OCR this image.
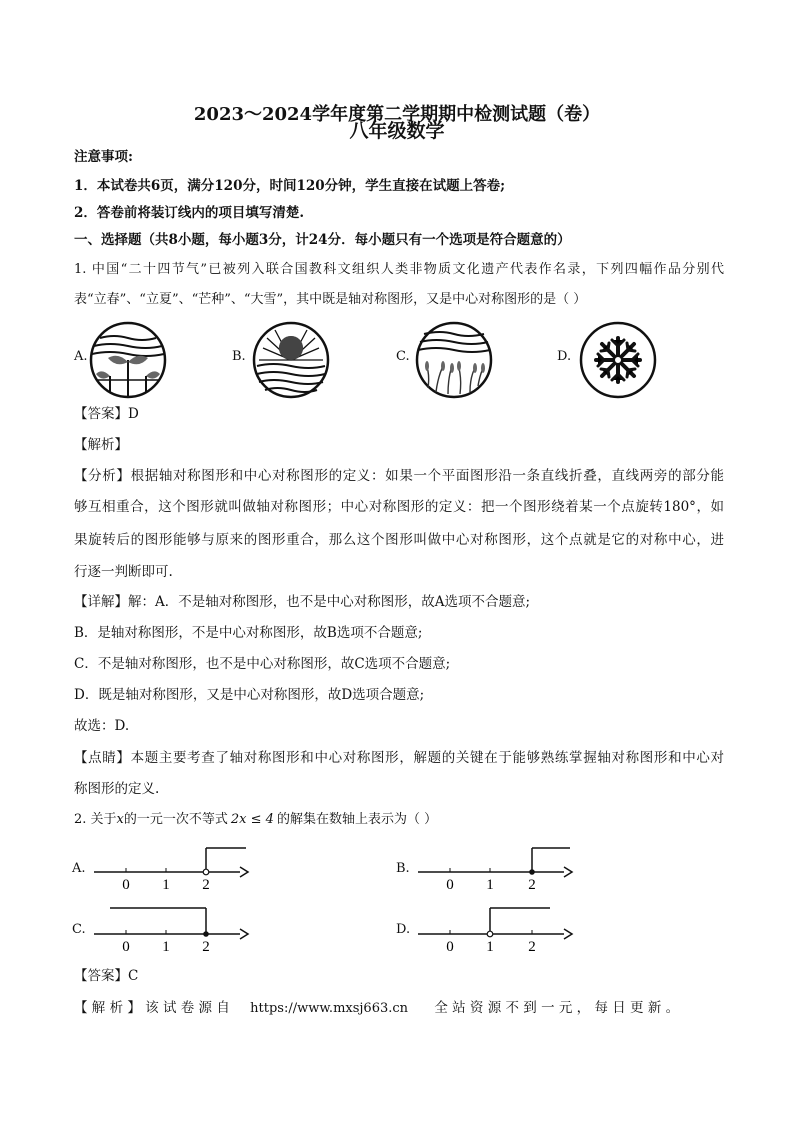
2023～2024学年度第二学期期中检测试题（卷）
八年级数学
注意事项:
1．本试卷共6页，满分120分，时间120分钟，学生直接在试题上答卷;
2．答卷前将装订线内的项目填写清楚.
一、选择题（共8小题，每小题3分，计24分．每小题只有一个选项是符合题意的）
1. 中国“二十四节气”已被列入联合国教科文组织人类非物质文化遗产代表作名录，下列四幅作品分别代
表“立春”、“立夏”、“芒种”、“大雪”，其中既是轴对称图形，又是中心对称图形的是（ ）
A.	B.	C.	D.
【答案】D
【解析】
【分析】根据轴对称图形和中心对称图形的定义：如果一个平面图形沿一条直线折叠，直线两旁的部分能
够互相重合，这个图形就叫做轴对称图形；中心对称图形的定义：把一个图形绕着某一个点旋转180°，如
果旋转后的图形能够与原来的图形重合，那么这个图形叫做中心对称图形，这个点就是它的对称中心，进
行逐一判断即可.
【详解】解：A．不是轴对称图形，也不是中心对称图形，故A选项不合题意;
B．是轴对称图形，不是中心对称图形，故B选项不合题意;
C．不是轴对称图形，也不是中心对称图形，故C选项不合题意;
D．既是轴对称图形，又是中心对称图形，故D选项合题意;
故选：D.
【点睛】本题主要考查了轴对称图形和中心对称图形，解题的关键在于能够熟练掌握轴对称图形和中心对
称图形的定义.
2. 关于x的一元一次不等式 2x ≤ 4 的解集在数轴上表示为（ ）
A.
0 1 2
B.
0 1 2
C.
0 1 2
D.
0 1 2
【答案】C
【 解 析 】 该 试 卷 源 自 https://www.mxsj663.cn 全 站 资 源 不 到 一 元 ， 每 日 更 新 。
